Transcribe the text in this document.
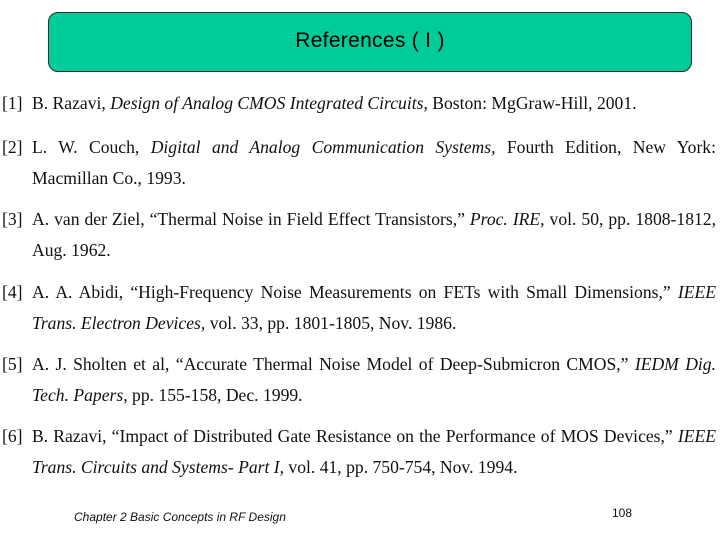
References ( I )
[1] B. Razavi, Design of Analog CMOS Integrated Circuits, Boston: MgGraw-Hill, 2001.
[2] L. W. Couch, Digital and Analog Communication Systems, Fourth Edition, New York: Macmillan Co., 1993.
[3] A. van der Ziel, “Thermal Noise in Field Effect Transistors,” Proc. IRE, vol. 50, pp. 1808-1812, Aug. 1962.
[4] A. A. Abidi, “High-Frequency Noise Measurements on FETs with Small Dimensions,” IEEE Trans. Electron Devices, vol. 33, pp. 1801-1805, Nov. 1986.
[5] A. J. Sholten et al, “Accurate Thermal Noise Model of Deep-Submicron CMOS,” IEDM Dig. Tech. Papers, pp. 155-158, Dec. 1999.
[6] B. Razavi, “Impact of Distributed Gate Resistance on the Performance of MOS Devices,” IEEE Trans. Circuits and Systems- Part I, vol. 41, pp. 750-754, Nov. 1994.
Chapter 2 Basic Concepts in RF Design	108
